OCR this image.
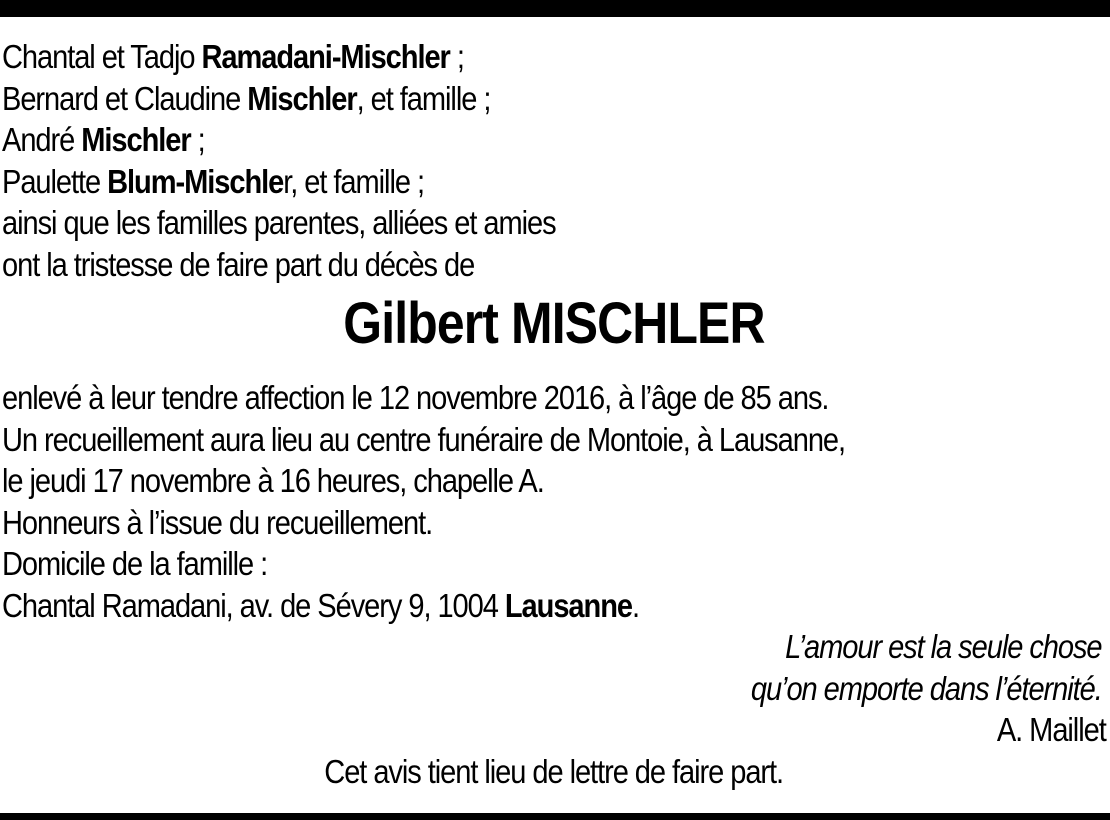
Chantal et Tadjo Ramadani-Mischler ;
Bernard et Claudine Mischler, et famille ;
André Mischler ;
Paulette Blum-Mischler, et famille ;
ainsi que les familles parentes, alliées et amies
ont la tristesse de faire part du décès de
Gilbert MISCHLER
enlevé à leur tendre affection le 12 novembre 2016, à l’âge de 85 ans.
Un recueillement aura lieu au centre funéraire de Montoie, à Lausanne,
le jeudi 17 novembre à 16 heures, chapelle A.
Honneurs à l’issue du recueillement.
Domicile de la famille :
Chantal Ramadani, av. de Sévery 9, 1004 Lausanne.
L’amour est la seule chose
qu’on emporte dans l’éternité.
A. Maillet
Cet avis tient lieu de lettre de faire part.
